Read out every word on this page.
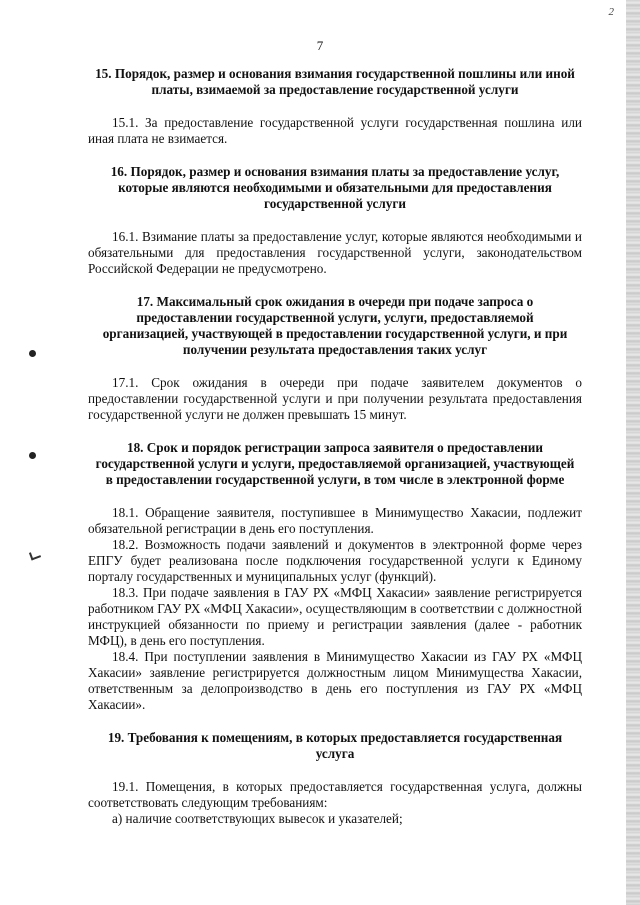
2
7

15. Порядок, размер и основания взимания государственной пошлины или иной платы, взимаемой за предоставление государственной услуги

15.1. За предоставление государственной услуги государственная пошлина или иная плата не взимается.

16. Порядок, размер и основания взимания платы за предоставление услуг, которые являются необходимыми и обязательными для предоставления государственной услуги

16.1. Взимание платы за предоставление услуг, которые являются необходимыми и обязательными для предоставления государственной услуги, законодательством Российской Федерации не предусмотрено.

17. Максимальный срок ожидания в очереди при подаче запроса о предоставлении государственной услуги, услуги, предоставляемой организацией, участвующей в предоставлении государственной услуги, и при получении результата предоставления таких услуг

17.1. Срок ожидания в очереди при подаче заявителем документов о предоставлении государственной услуги и при получении результата предоставления государственной услуги не должен превышать 15 минут.

18. Срок и порядок регистрации запроса заявителя о предоставлении государственной услуги и услуги, предоставляемой организацией, участвующей в предоставлении государственной услуги, в том числе в электронной форме

18.1. Обращение заявителя, поступившее в Минимущество Хакасии, подлежит обязательной регистрации в день его поступления.

18.2. Возможность подачи заявлений и документов в электронной форме через ЕПГУ будет реализована после подключения государственной услуги к Единому порталу государственных и муниципальных услуг (функций).

18.3. При подаче заявления в ГАУ РХ «МФЦ Хакасии» заявление регистрируется работником ГАУ РХ «МФЦ Хакасии», осуществляющим в соответствии с должностной инструкцией обязанности по приему и регистрации заявления (далее - работник МФЦ), в день его поступления.

18.4. При поступлении заявления в Минимущество Хакасии из ГАУ РХ «МФЦ Хакасии» заявление регистрируется должностным лицом Минимущества Хакасии, ответственным за делопроизводство в день его поступления из ГАУ РХ «МФЦ Хакасии».

19. Требования к помещениям, в которых предоставляется государственная услуга

19.1. Помещения, в которых предоставляется государственная услуга, должны соответствовать следующим требованиям:

а) наличие соответствующих вывесок и указателей;
